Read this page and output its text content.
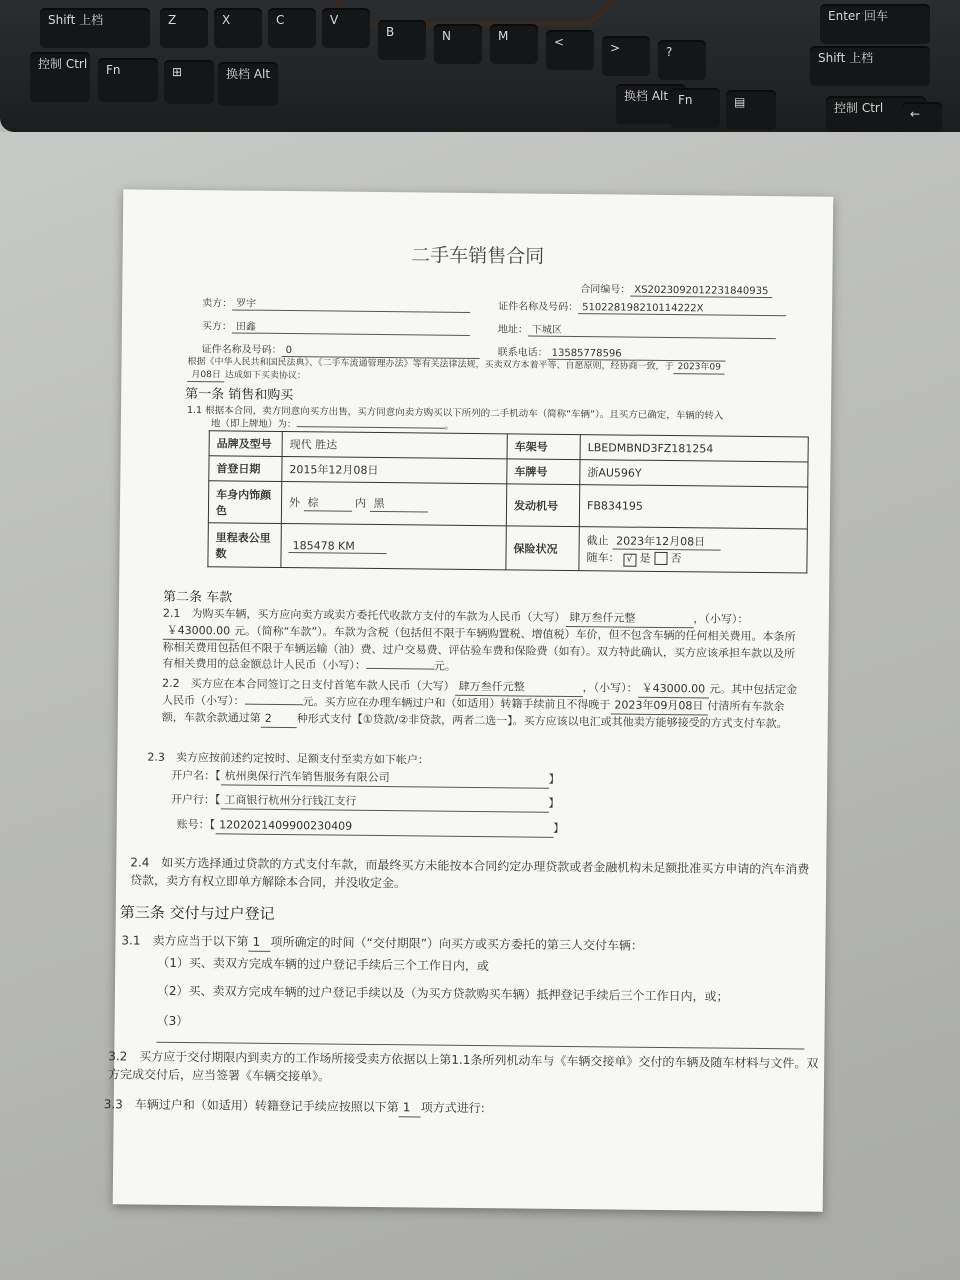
Shift 上档	Z	X	C	V
B	N	M	<	>	?
Enter 回车
Shift 上档
控制 Ctrl Fn	⊞	换档 Alt
换档 Alt Fn	▤	控制 Ctrl ←
二手车销售合同
合同编号： XS2023092012231840935
卖方： 罗宇	证件名称及号码： 510228198210114222X
买方： 田鑫	地址： 下城区
证件名称及号码： 0	联系电话： 13585778596
根据《中华人民共和国民法典》、《二手车流通管理办法》等有关法律法规，买卖双方本着平等、自愿原则，经协商一致，于 2023年09
月08日 达成如下买卖协议：
第一条 销售和购买
1.1 根据本合同，卖方同意向买方出售，买方同意向卖方购买以下所列的二手机动车（简称“车辆”）。且买方已确定，车辆的转入
地（即上牌地）为：	。
品牌及型号	现代 胜达	车架号	LBEDMBND3FZ181254
首登日期	2015年12月08日	车牌号	浙AU596Y
车身内饰颜色	外 棕 内 黑	发动机号	FB834195
里程表公里数	185478 KM	保险状况	截止 2023年12月08日
随车： √ 是 否
第二条 车款
2.1　为购买车辆，买方应向卖方或卖方委托代收款方支付的车款为人民币（大写） 肆万叁仟元整	，（小写）：￥43000.00 元。（简称“车款”）。车款为含税（包括但不限于车辆购置税、增值税）车价，但不包含车辆的任何相关费用。本条所称相关费用包括但不限于车辆运输（油）费、过户交易费、评估验车费和保险费（如有）。双方特此确认，买方应该承担车款以及所有相关费用的总金额总计人民币（小写）：	元。
2.2　买方应在本合同签订之日支付首笔车款人民币（大写） 肆万叁仟元整	，（小写）： ￥43000.00 元。其中包括定金人民币（小写）：	元。买方应在办理车辆过户和（如适用）转籍手续前且不得晚于 2023年09月08日 付清所有车款余额，车款余款通过第 2 种形式支付【①贷款/②非贷款，两者二选一】。买方应该以电汇或其他卖方能够接受的方式支付车款。
2.3　卖方应按前述约定按时、足额支付至卖方如下帐户：
开户名：【 杭州奥保行汽车销售服务有限公司	】
开户行：【 工商银行杭州分行钱江支行	】
账号：【 1202021409900230409	】
2.4　如买方选择通过贷款的方式支付车款，而最终买方未能按本合同约定办理贷款或者金融机构未足额批准买方申请的汽车消费贷款，卖方有权立即单方解除本合同，并没收定金。
第三条 交付与过户登记
3.1　卖方应当于以下第 1 项所确定的时间（“交付期限”）向买方或买方委托的第三人交付车辆：
（1）买、卖双方完成车辆的过户登记手续后三个工作日内，或
（2）买、卖双方完成车辆的过户登记手续以及（为买方贷款购买车辆）抵押登记手续后三个工作日内，或；
（3）
3.2　买方应于交付期限内到卖方的工作场所接受卖方依据以上第1.1条所列机动车与《车辆交接单》交付的车辆及随车材料与文件。双方完成交付后，应当签署《车辆交接单》。
3.3　车辆过户和（如适用）转籍登记手续应按照以下第 1 项方式进行:
